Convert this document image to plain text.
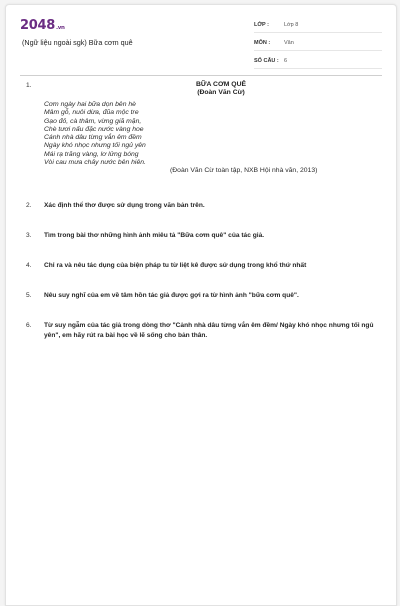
2048.vn
(Ngữ liệu ngoài sgk) Bữa cơm quê
LỚP :	Lớp 8
MÔN :	Văn
SỐ CÂU : 6
1.	BỮA CƠM QUÊ
(Đoàn Văn Cừ)
Cơm ngày hai bữa dọn bên hè
Mâm gỗ, nuôi dừa, đũa mộc tre
Gạo đỏ, cà thâm, vừng giã mặn,
Chè tươi nấu đặc nước vàng hoe
Cánh nhà dâu từng vắn êm đềm
Ngày khó nhọc nhưng tối ngủ yên
Mái rạ trăng vàng, lơ lửng bóng
Vòi cau mưa chảy nước bên hiên.
(Đoàn Văn Cừ toàn tập, NXB Hội nhà văn, 2013)
2. Xác định thể thơ được sử dụng trong văn bản trên.
3. Tìm trong bài thơ những hình ảnh miêu tả "Bữa cơm quê" của tác giả.
4. Chỉ ra và nêu tác dụng của biện pháp tu từ liệt kê được sử dụng trong khổ thứ nhất
5. Nêu suy nghĩ của em về tâm hồn tác giả được gợi ra từ hình ảnh "bữa cơm quê".
6. Từ suy ngẫm của tác giả trong dòng thơ "Cảnh nhà dâu từng vắn êm đềm/ Ngày khó nhọc nhưng tối ngủ yên", em hãy rút ra bài học về lẽ sống cho bản thân.
